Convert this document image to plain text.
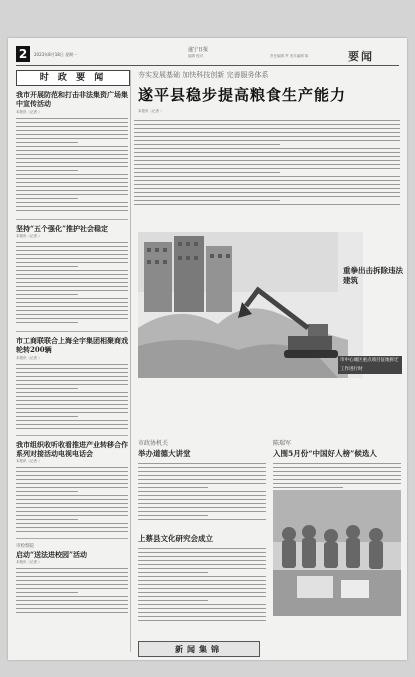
2	2023年8月18日 星期一
遂宁日报
编辑 校对	责任编辑 罗 美术编辑 陈	要闻
时 政 要 闻
我市开展防范和打击非法集资广场集中宣传活动
本报讯（记者 ）
坚持“五个强化”推护社会稳定
本报讯（记者 ）
市工商联联合上海全宇集团相聚商戏轮转200辆
本报讯（记者 ）
我市组织收听收看推进产业转移合作系列对接活动电视电话会
本报讯（记者 ）
市检察院
启动“送法进校园”活动
本报讯（记者 ）
夯实发展基础 加快科技创新 完善服务体系
遂平县稳步提高粮食生产能力
本报讯（记者 ）
重拳出击拆除违法建筑
市中心城区重点项目征地拆迁工作进行时
市政协机关
举办道德大讲堂
陈瑞军
入围5月份“中国好人榜”候选人
上蔡县文化研究会成立
新闻集锦
